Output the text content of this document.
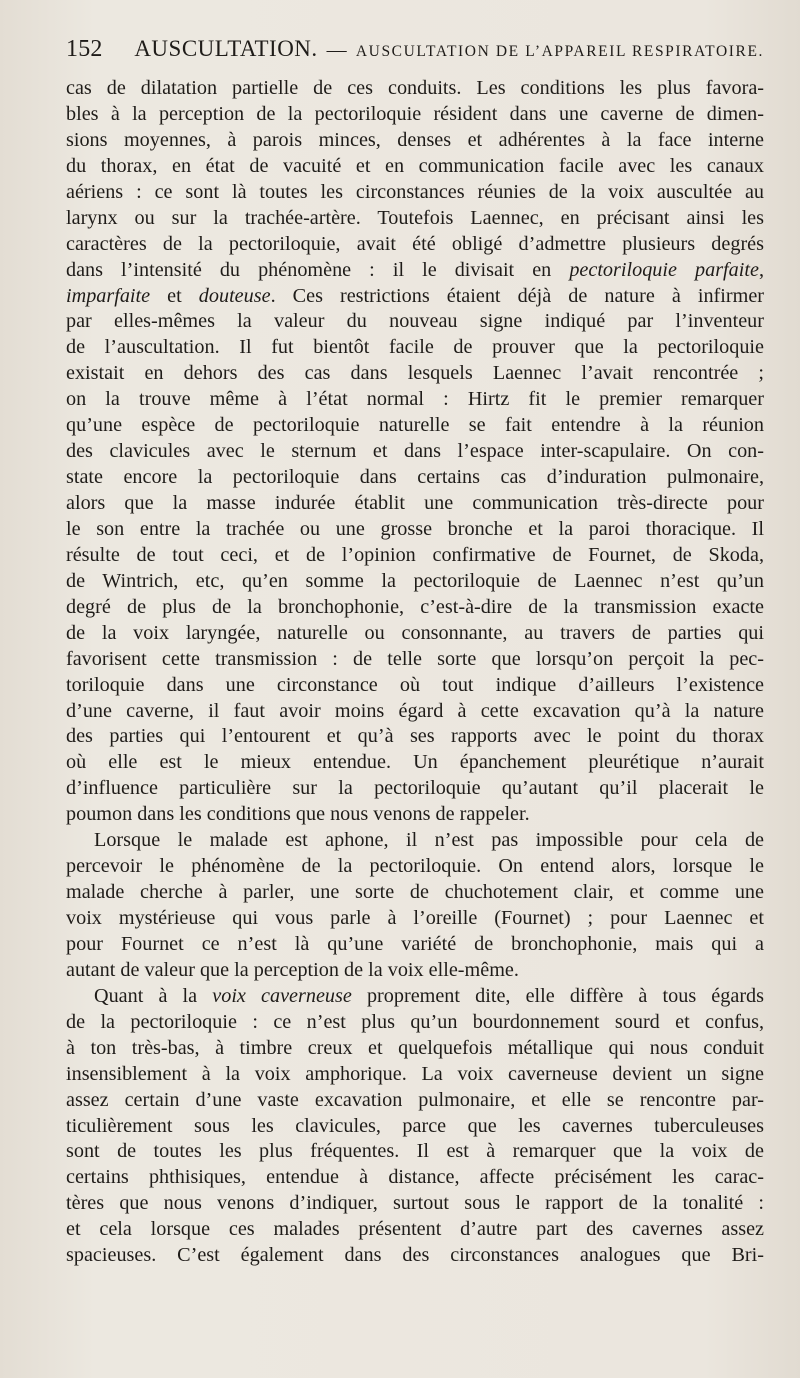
152	AUSCULTATION. — AUSCULTATION DE L’APPAREIL RESPIRATOIRE.
cas de dilatation partielle de ces conduits. Les conditions les plus favora-
bles à la perception de la pectoriloquie résident dans une caverne de dimen-
sions moyennes, à parois minces, denses et adhérentes à la face interne
du thorax, en état de vacuité et en communication facile avec les canaux
aériens : ce sont là toutes les circonstances réunies de la voix auscultée au
larynx ou sur la trachée-artère. Toutefois Laennec, en précisant ainsi les
caractères de la pectoriloquie, avait été obligé d’admettre plusieurs degrés
dans l’intensité du phénomène : il le divisait en pectoriloquie parfaite,
imparfaite et douteuse. Ces restrictions étaient déjà de nature à infirmer
par elles-mêmes la valeur du nouveau signe indiqué par l’inventeur
de l’auscultation. Il fut bientôt facile de prouver que la pectoriloquie
existait en dehors des cas dans lesquels Laennec l’avait rencontrée ;
on la trouve même à l’état normal : Hirtz fit le premier remarquer
qu’une espèce de pectoriloquie naturelle se fait entendre à la réunion
des clavicules avec le sternum et dans l’espace inter-scapulaire. On con-
state encore la pectoriloquie dans certains cas d’induration pulmonaire,
alors que la masse indurée établit une communication très-directe pour
le son entre la trachée ou une grosse bronche et la paroi thoracique. Il
résulte de tout ceci, et de l’opinion confirmative de Fournet, de Skoda,
de Wintrich, etc, qu’en somme la pectoriloquie de Laennec n’est qu’un
degré de plus de la bronchophonie, c’est-à-dire de la transmission exacte
de la voix laryngée, naturelle ou consonnante, au travers de parties qui
favorisent cette transmission : de telle sorte que lorsqu’on perçoit la pec-
toriloquie dans une circonstance où tout indique d’ailleurs l’existence
d’une caverne, il faut avoir moins égard à cette excavation qu’à la nature
des parties qui l’entourent et qu’à ses rapports avec le point du thorax
où elle est le mieux entendue. Un épanchement pleurétique n’aurait
d’influence particulière sur la pectoriloquie qu’autant qu’il placerait le
poumon dans les conditions que nous venons de rappeler.
Lorsque le malade est aphone, il n’est pas impossible pour cela de
percevoir le phénomène de la pectoriloquie. On entend alors, lorsque le
malade cherche à parler, une sorte de chuchotement clair, et comme une
voix mystérieuse qui vous parle à l’oreille (Fournet) ; pour Laennec et
pour Fournet ce n’est là qu’une variété de bronchophonie, mais qui a
autant de valeur que la perception de la voix elle-même.
Quant à la voix caverneuse proprement dite, elle diffère à tous égards
de la pectoriloquie : ce n’est plus qu’un bourdonnement sourd et confus,
à ton très-bas, à timbre creux et quelquefois métallique qui nous conduit
insensiblement à la voix amphorique. La voix caverneuse devient un signe
assez certain d’une vaste excavation pulmonaire, et elle se rencontre par-
ticulièrement sous les clavicules, parce que les cavernes tuberculeuses
sont de toutes les plus fréquentes. Il est à remarquer que la voix de
certains phthisiques, entendue à distance, affecte précisément les carac-
tères que nous venons d’indiquer, surtout sous le rapport de la tonalité :
et cela lorsque ces malades présentent d’autre part des cavernes assez
spacieuses. C’est également dans des circonstances analogues que Bri-
